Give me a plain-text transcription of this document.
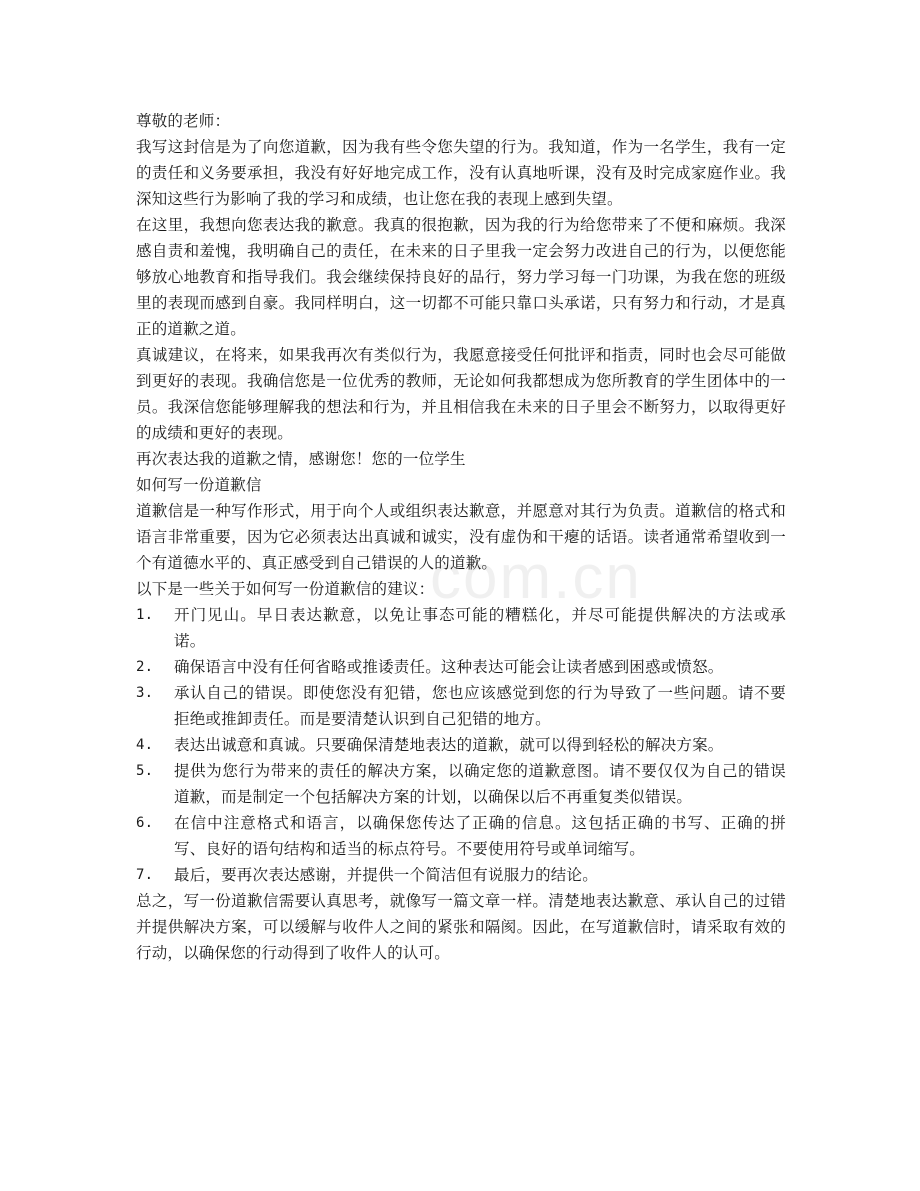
尊敬的老师：

我写这封信是为了向您道歉，因为我有些令您失望的行为。我知道，作为一名学生，我有一定的责任和义务要承担，我没有好好地完成工作，没有认真地听课，没有及时完成家庭作业。我深知这些行为影响了我的学习和成绩，也让您在我的表现上感到失望。

在这里，我想向您表达我的歉意。我真的很抱歉，因为我的行为给您带来了不便和麻烦。我深感自责和羞愧，我明确自己的责任，在未来的日子里我一定会努力改进自己的行为，以便您能够放心地教育和指导我们。我会继续保持良好的品行，努力学习每一门功课，为我在您的班级里的表现而感到自豪。我同样明白，这一切都不可能只靠口头承诺，只有努力和行动，才是真正的道歉之道。

真诚建议，在将来，如果我再次有类似行为，我愿意接受任何批评和指责，同时也会尽可能做到更好的表现。我确信您是一位优秀的教师，无论如何我都想成为您所教育的学生团体中的一员。我深信您能够理解我的想法和行为，并且相信我在未来的日子里会不断努力，以取得更好的成绩和更好的表现。

再次表达我的道歉之情，感谢您！您的一位学生

如何写一份道歉信

道歉信是一种写作形式，用于向个人或组织表达歉意，并愿意对其行为负责。道歉信的格式和语言非常重要，因为它必须表达出真诚和诚实，没有虚伪和干瘪的话语。读者通常希望收到一个有道德水平的、真正感受到自己错误的人的道歉。

以下是一些关于如何写一份道歉信的建议：

1.	开门见山。早日表达歉意，以免让事态可能的糟糕化，并尽可能提供解决的方法或承诺。
2.	确保语言中没有任何省略或推诿责任。这种表达可能会让读者感到困惑或愤怒。
3.	承认自己的错误。即使您没有犯错，您也应该感觉到您的行为导致了一些问题。请不要拒绝或推卸责任。而是要清楚认识到自己犯错的地方。
4.	表达出诚意和真诚。只要确保清楚地表达的道歉，就可以得到轻松的解决方案。
5.	提供为您行为带来的责任的解决方案，以确定您的道歉意图。请不要仅仅为自己的错误道歉，而是制定一个包括解决方案的计划，以确保以后不再重复类似错误。
6.	在信中注意格式和语言，以确保您传达了正确的信息。这包括正确的书写、正确的拼写、良好的语句结构和适当的标点符号。不要使用符号或单词缩写。
7.	最后，要再次表达感谢，并提供一个简洁但有说服力的结论。

总之，写一份道歉信需要认真思考，就像写一篇文章一样。清楚地表达歉意、承认自己的过错并提供解决方案，可以缓解与收件人之间的紧张和隔阂。因此，在写道歉信时，请采取有效的行动，以确保您的行动得到了收件人的认可。

com.cn
